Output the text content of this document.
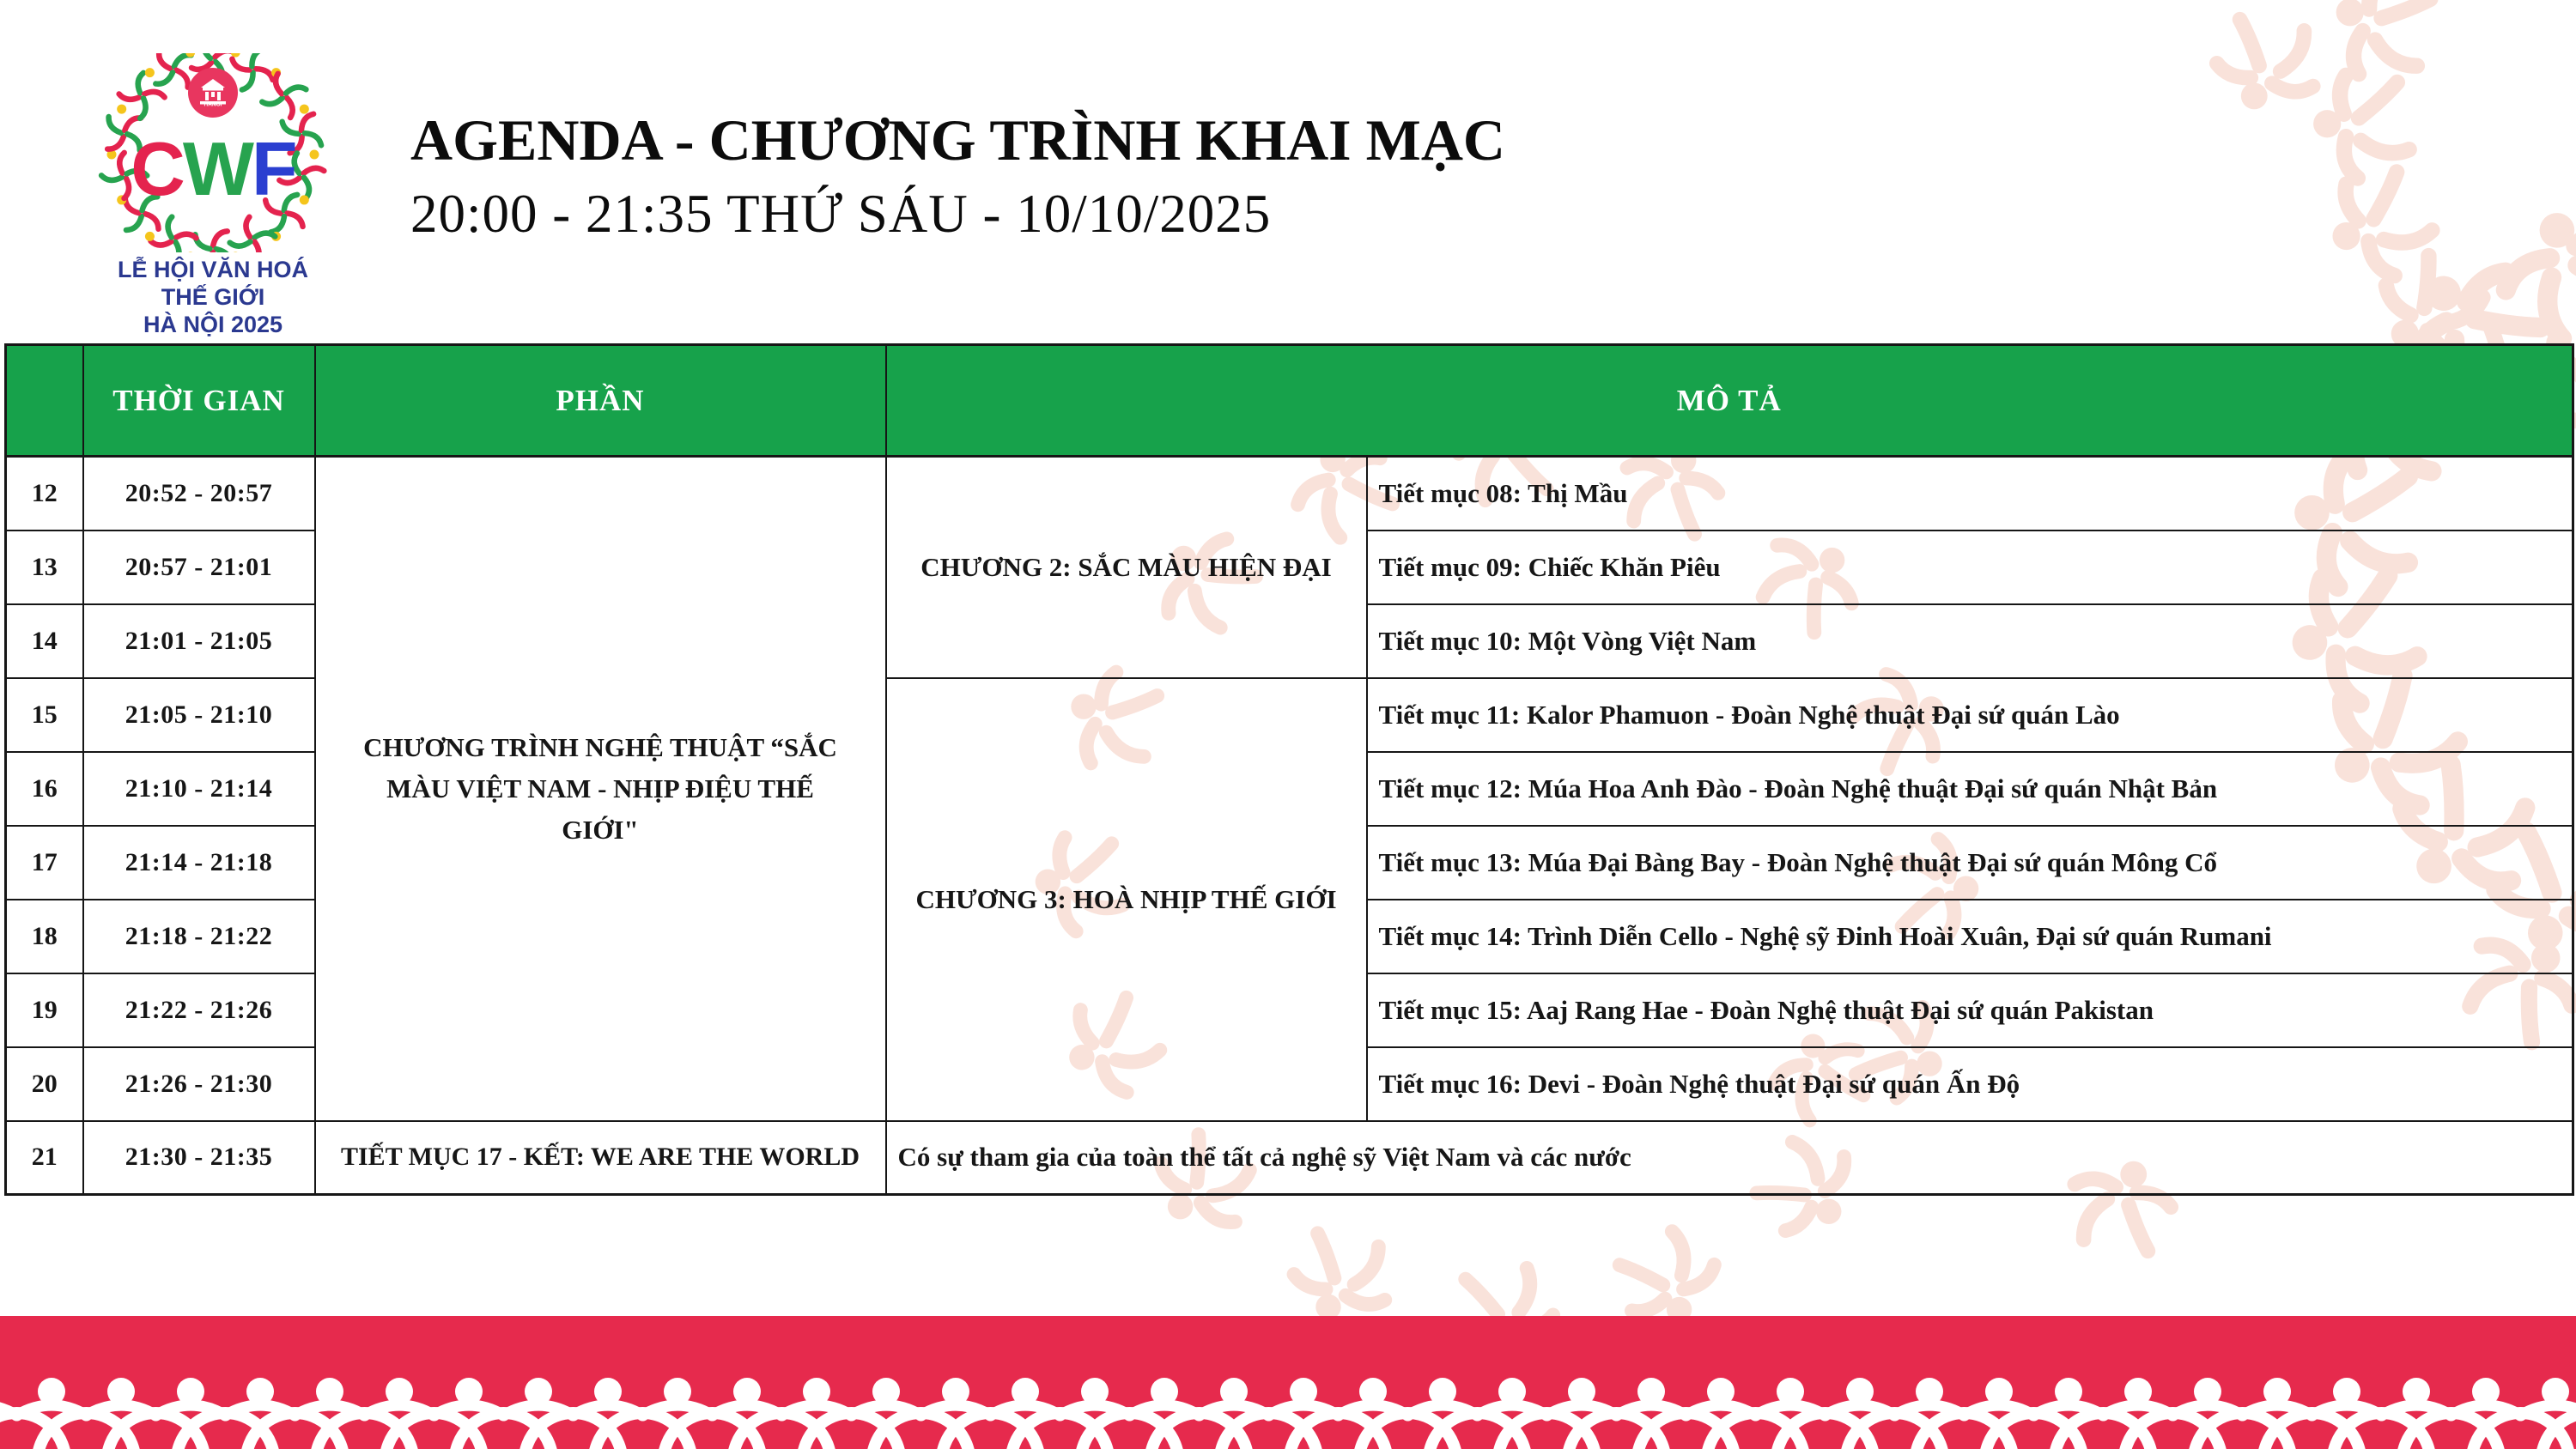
HANOI
CWF
LỄ HỘI VĂN HOÁ THẾ GIỚI
HÀ NỘI 2025
AGENDA - CHƯƠNG TRÌNH KHAI MẠC
20:00 - 21:35 THỨ SÁU - 10/10/2025
	THỜI GIAN	PHẦN	MÔ TẢ	
12	20:52 - 20:57	CHƯƠNG TRÌNH NGHỆ THUẬT “SẮC MÀU VIỆT NAM - NHỊP ĐIỆU THẾ GIỚI"	CHƯƠNG 2: SẮC MÀU HIỆN ĐẠI	Tiết mục 08: Thị Mầu
13	20:57 - 21:01			Tiết mục 09: Chiếc Khăn Piêu
14	21:01 - 21:05			Tiết mục 10: Một Vòng Việt Nam
15	21:05 - 21:10		CHƯƠNG 3: HOÀ NHỊP THẾ GIỚI	Tiết mục 11: Kalor Phamuon - Đoàn Nghệ thuật Đại sứ quán Lào
16	21:10 - 21:14			Tiết mục 12: Múa Hoa Anh Đào - Đoàn Nghệ thuật Đại sứ quán Nhật Bản
17	21:14 - 21:18			Tiết mục 13: Múa Đại Bàng Bay - Đoàn Nghệ thuật Đại sứ quán Mông Cổ
18	21:18 - 21:22			Tiết mục 14: Trình Diễn Cello - Nghệ sỹ Đinh Hoài Xuân, Đại sứ quán Rumani
19	21:22 - 21:26			Tiết mục 15: Aaj Rang Hae - Đoàn Nghệ thuật Đại sứ quán Pakistan
20	21:26 - 21:30			Tiết mục 16: Devi - Đoàn Nghệ thuật Đại sứ quán Ấn Độ
21	21:30 - 21:35	TIẾT MỤC 17 - KẾT: WE ARE THE WORLD	Có sự tham gia của toàn thể tất cả nghệ sỹ Việt Nam và các nước	
